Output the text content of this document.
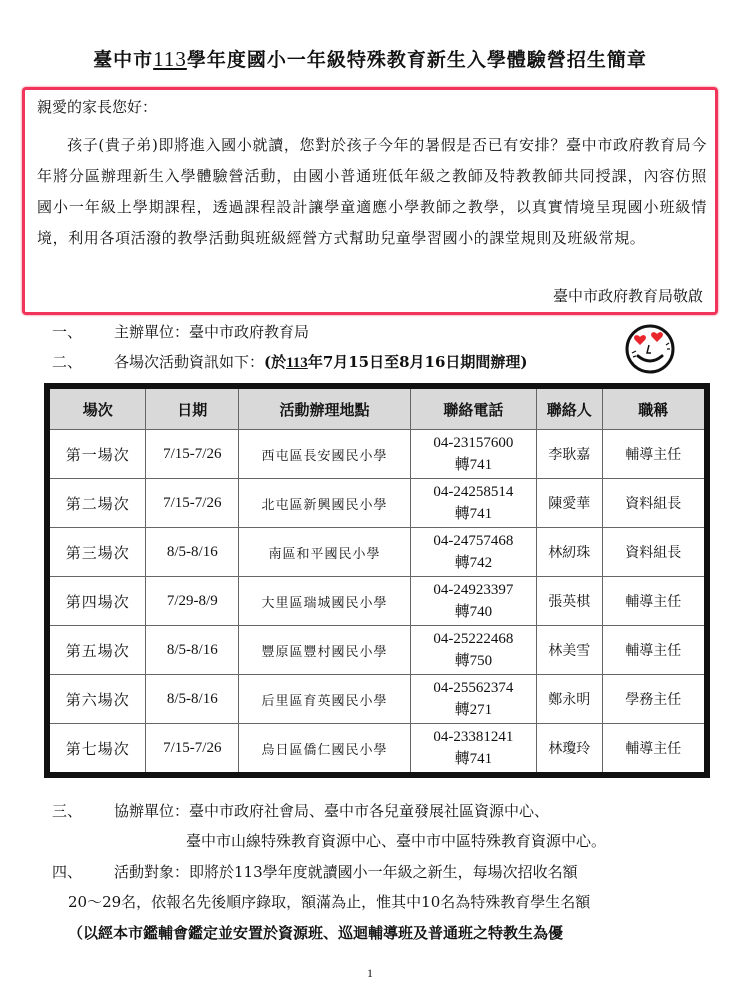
臺中市113學年度國小一年級特殊教育新生入學體驗營招生簡章
親愛的家長您好：
孩子(貴子弟)即將進入國小就讀，您對於孩子今年的暑假是否已有安排？臺中市政府教育局今年將分區辦理新生入學體驗營活動，由國小普通班低年級之教師及特教教師共同授課，內容仿照國小一年級上學期課程，透過課程設計讓學童適應小學教師之教學，以真實情境呈現國小班級情境，利用各項活潑的教學活動與班級經營方式幫助兒童學習國小的課堂規則及班級常規。
臺中市政府教育局敬啟
一、 主辦單位：臺中市政府教育局
二、 各場次活動資訊如下：(於113年7月15日至8月16日期間辦理)
場次	日期	活動辦理地點	聯絡電話	聯絡人	職稱
第一場次	7/15-7/26	西屯區長安國民小學	04-23157600
轉741	李耿嘉	輔導主任
第二場次	7/15-7/26	北屯區新興國民小學	04-24258514
轉741	陳愛華	資料組長
第三場次	8/5-8/16	南區和平國民小學	04-24757468
轉742	林紉珠	資料組長
第四場次	7/29-8/9	大里區瑞城國民小學	04-24923397
轉740	張英棋	輔導主任
第五場次	8/5-8/16	豐原區豐村國民小學	04-25222468
轉750	林美雪	輔導主任
第六場次	8/5-8/16	后里區育英國民小學	04-25562374
轉271	鄭永明	學務主任
第七場次	7/15-7/26	烏日區僑仁國民小學	04-23381241
轉741	林瓊玲	輔導主任
三、 協辦單位：臺中市政府社會局、臺中市各兒童發展社區資源中心、
臺中市山線特殊教育資源中心、臺中市中區特殊教育資源中心。
四、 活動對象：即將於113學年度就讀國小一年級之新生，每場次招收名額
20～29名，依報名先後順序錄取，額滿為止，惟其中10名為特殊教育學生名額
（以經本市鑑輔會鑑定並安置於資源班、巡迴輔導班及普通班之特教生為優
1
